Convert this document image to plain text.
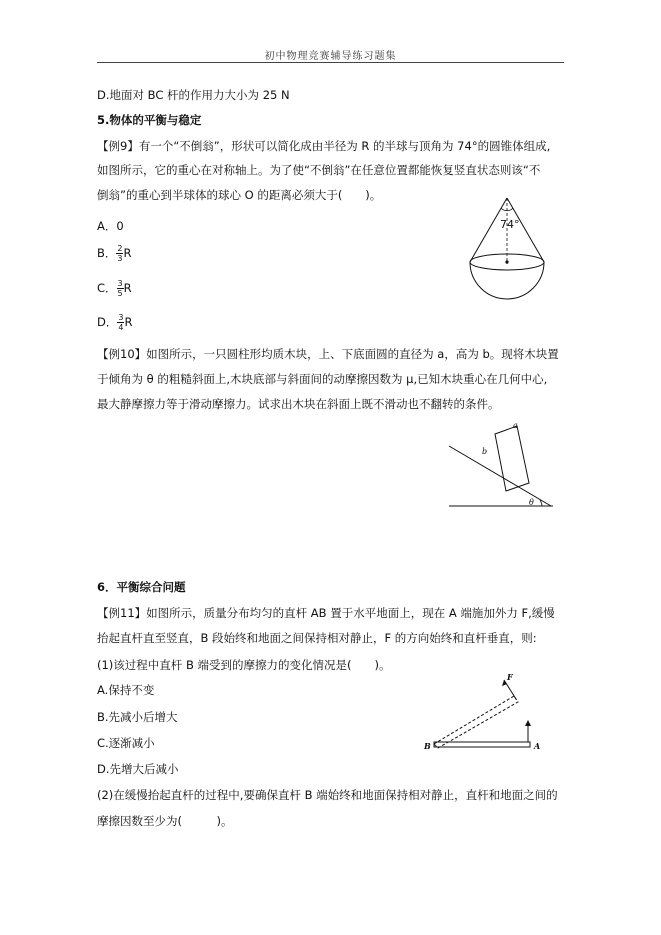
初中物理竞赛辅导练习题集
D.地面对 BC 杆的作用力大小为 25 N
5.物体的平衡与稳定
【例9】有一个“不倒翁”，形状可以简化成由半径为 R 的半球与顶角为 74°的圆锥体组成,
如图所示，它的重心在对称轴上。为了使“不倒翁”在任意位置都能恢复竖直状态则该“不
倒翁”的重心到半球体的球心 O 的距离必须大于(　　)。
A．0
B． $\frac{2}{3}$ R
C． $\frac{3}{5}$ R
D． $\frac{3}{4}$ R
74°
【例10】如图所示，一只圆柱形均质木块，上、下底面圆的直径为 a，高为 b。现将木块置
于倾角为 θ 的粗糙斜面上,木块底部与斜面间的动摩擦因数为 μ,已知木块重心在几何中心,
最大静摩擦力等于滑动摩擦力。试求出木块在斜面上既不滑动也不翻转的条件。
a
b
θ
6．平衡综合问题
【例11】如图所示，质量分布均匀的直杆 AB 置于水平地面上，现在 A 端施加外力 F,缓慢
抬起直杆直至竖直，B 段始终和地面之间保持相对静止，F 的方向始终和直杆垂直，则:
(1)该过程中直杆 B 端受到的摩擦力的变化情况是(　　)。
A.保持不变
B.先减小后增大
C.逐渐减小
D.先增大后减小
(2)在缓慢抬起直杆的过程中,要确保直杆 B 端始终和地面保持相对静止，直杆和地面之间的
摩擦因数至少为(　　　)。
F
B	A
